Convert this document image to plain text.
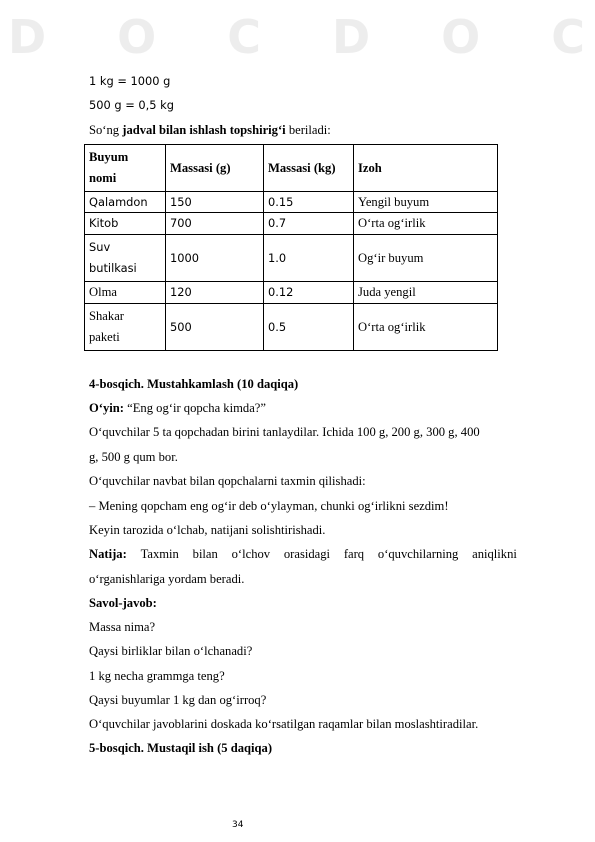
D O C D O C
1 kg = 1000 g
500 g = 0,5 kg
So‘ng jadval bilan ishlash topshirig‘i beriladi:
Buyum nomi	Massasi (g)	Massasi (kg)	Izoh
Qalamdon	150	0.15	Yengil buyum
Kitob	700	0.7	O‘rta og‘irlik

Suv butilkasi	1000	1.0	Og‘ir buyum
Olma	120	0.12	Juda yengil

Shakar paketi	500	0.5	O‘rta og‘irlik
4-bosqich. Mustahkamlash (10 daqiqa)
O‘yin: “Eng og‘ir qopcha kimda?”
O‘quvchilar 5 ta qopchadan birini tanlaydilar. Ichida 100 g, 200 g, 300 g, 400
g, 500 g qum bor.
O‘quvchilar navbat bilan qopchalarni taxmin qilishadi:
– Mening qopcham eng og‘ir deb o‘ylayman, chunki og‘irlikni sezdim!
Keyin tarozida o‘lchab, natijani solishtirishadi.
Natija: Taxmin bilan o‘lchov orasidagi farq o‘quvchilarning aniqlikni
o‘rganishlariga yordam beradi.
Savol-javob:
Massa nima?
Qaysi birliklar bilan o‘lchanadi?
1 kg necha grammga teng?
Qaysi buyumlar 1 kg dan og‘irroq?
O‘quvchilar javoblarini doskada ko‘rsatilgan raqamlar bilan moslashtiradilar.
5-bosqich. Mustaqil ish (5 daqiqa)
34
